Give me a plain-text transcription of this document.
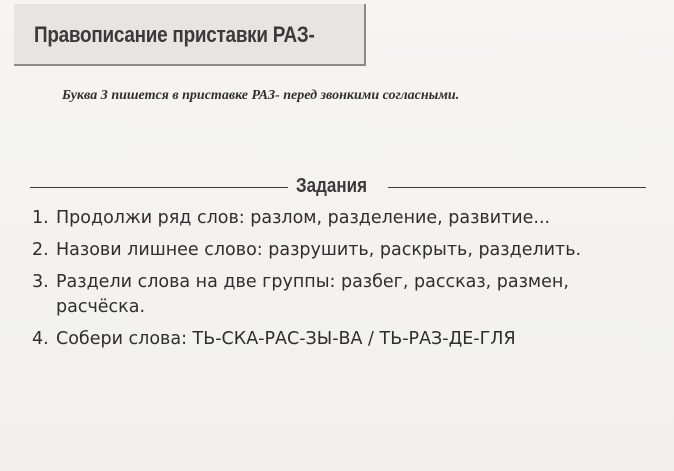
Правописание приставки РАЗ-
Буква З пишется в приставке РАЗ- перед звонкими согласными.
Задания
1. Продолжи ряд слов: разлом, разделение, развитие...
2. Назови лишнее слово: разрушить, раскрыть, разделить.
3. Раздели слова на две группы: разбег, рассказ, размен, расчёска.
4. Собери слова: ТЬ-СКА-РАС-ЗЫ-ВА / ТЬ-РАЗ-ДЕ-ГЛЯ
